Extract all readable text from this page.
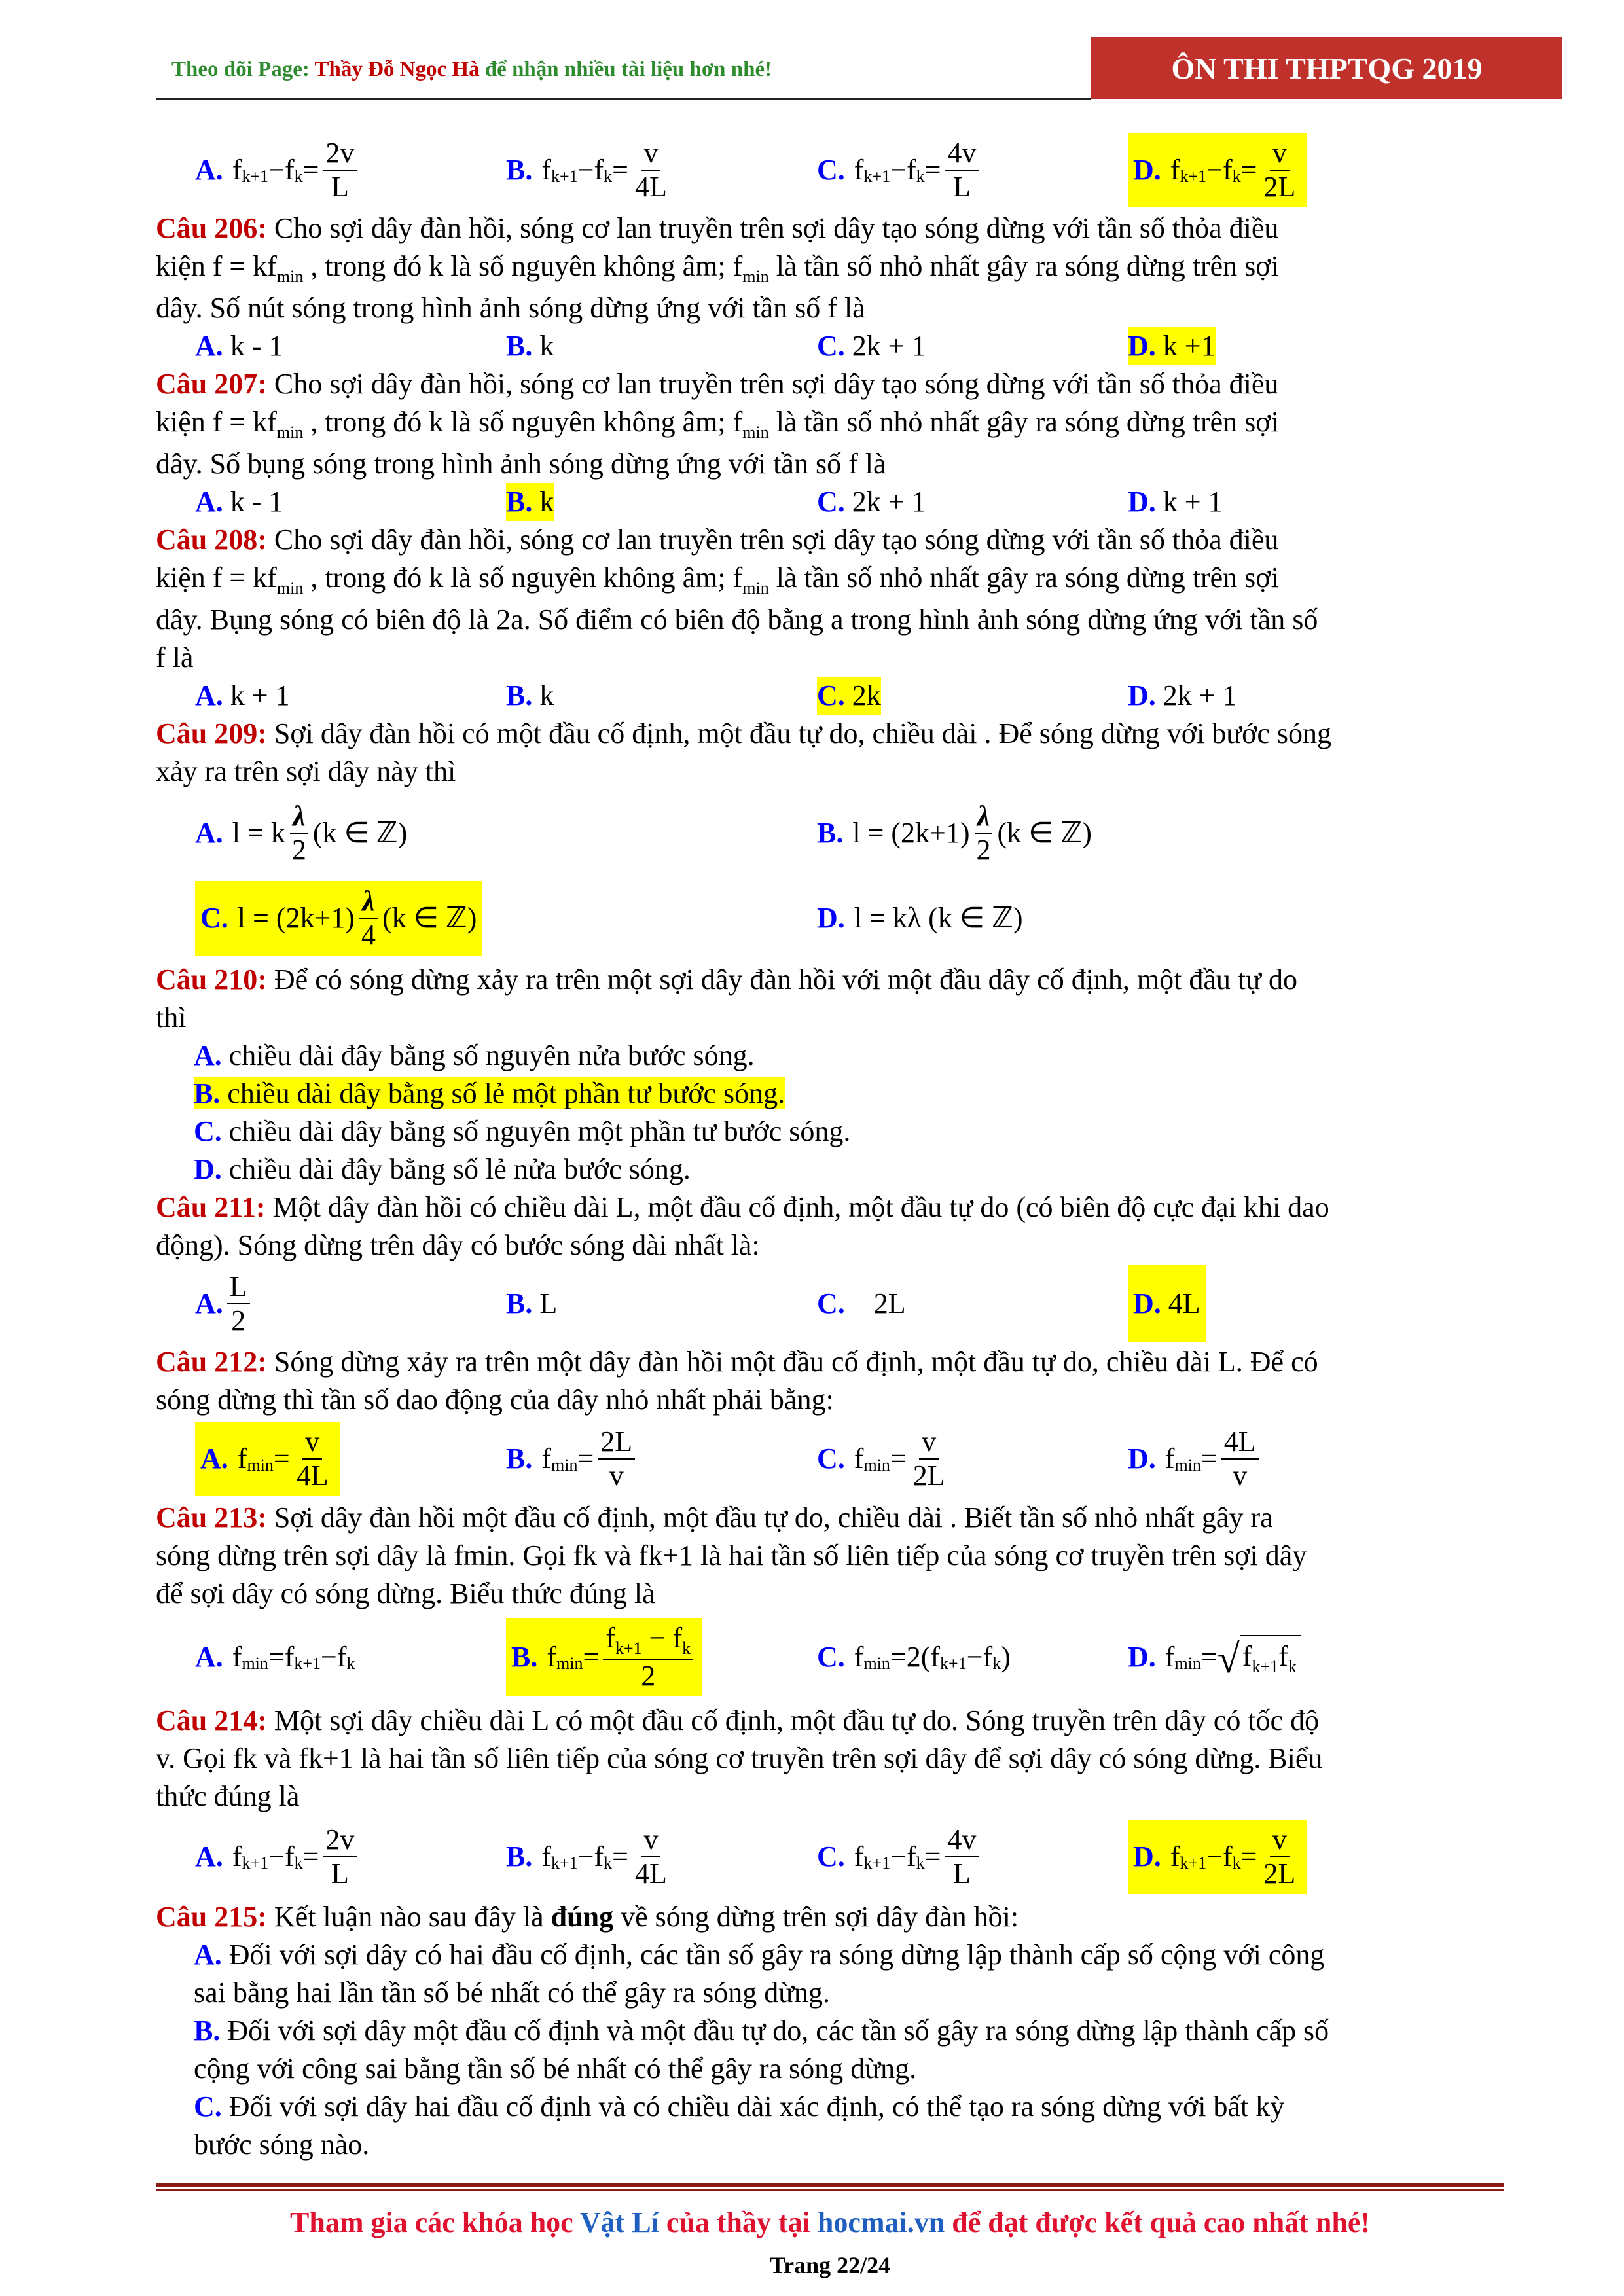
Theo dõi Page: Thầy Đỗ Ngọc Hà để nhận nhiều tài liệu hơn nhé!	ÔN THI THPTQG 2019
A. f k+1 − f $k = \frac{2v}{L}$	B. f k+1 − f $k = \frac{v}{4L}$	C. f k+1 − f $k = \frac{4v}{L}$	D. f k+1 − f $k = \frac{v}{2L}$

Câu 206: Cho sợi dây đàn hồi, sóng cơ lan truyền trên sợi dây tạo sóng dừng với tần số thỏa điều

kiện $f = kf_{min}$ , trong đó k là số nguyên không âm; $f_{min}$ là tần số nhỏ nhất gây ra sóng dừng trên sợi

dây. Số nút sóng trong hình ảnh sóng dừng ứng với tần số f là

A.
k - 1	B.
k	C.
2k + 1	D. k +1

Câu 207: Cho sợi dây đàn hồi, sóng cơ lan truyền trên sợi dây tạo sóng dừng với tần số thỏa điều

kiện $f = kf_{min}$ , trong đó k là số nguyên không âm; $f_{min}$ là tần số nhỏ nhất gây ra sóng dừng trên sợi

dây. Số bụng sóng trong hình ảnh sóng dừng ứng với tần số f là

A.
k - 1	B. k	C.
2k + 1	D.
k + 1

Câu 208: Cho sợi dây đàn hồi, sóng cơ lan truyền trên sợi dây tạo sóng dừng với tần số thỏa điều

kiện $f = kf_{min}$ , trong đó k là số nguyên không âm; $f_{min}$ là tần số nhỏ nhất gây ra sóng dừng trên sợi

dây. Bụng sóng có biên độ là 2a. Số điểm có biên độ bằng a trong hình ảnh sóng dừng ứng với tần số

f là

A.
k + 1	B.
k	C. 2k	D.
2k + 1

Câu 209: Sợi dây đàn hồi có một đầu cố định, một đầu tự do, chiều dài . Để sóng dừng với bước sóng

xảy ra trên sợi dây này thì

A. l = k $\frac{\lambda}{2} (k$ ∈ ℤ)	B. $l = (2k+1) \frac{\lambda}{2} (k$ ∈ ℤ)
C. $l = (2k+1) \frac{\lambda}{4} (k$ ∈ ℤ)	D. l = kλ (k ∈ ℤ)

Câu 210: Để có sóng dừng xảy ra trên một sợi dây đàn hồi với một đầu dây cố định, một đầu tự do

thì

A. chiều dài đây bằng số nguyên nửa bước sóng.

B. chiều dài dây bằng số lẻ một phần tư bước sóng.

C. chiều dài dây bằng số nguyên một phần tư bước sóng.

D. chiều dài đây bằng số lẻ nửa bước sóng.

Câu 211: Một dây đàn hồi có chiều dài L, một đầu cố định, một đầu tự do (có biên độ cực đại khi dao

động). Sóng dừng trên dây có bước sóng dài nhất là:

A. $\frac{L}{2}$	B.
L	C.
2L	D.
4L

Câu 212: Sóng dừng xảy ra trên một dây đàn hồi một đầu cố định, một đầu tự do, chiều dài L. Để có

sóng dừng thì tần số dao động của dây nhỏ nhất phải bằng:

A. f $\min = \frac{v}{4L}$	B. f $\min = \frac{2L}{v}$	C. f $\min = \frac{v}{2L}$	D. f $\min = \frac{4L}{v}$

Câu 213: Sợi dây đàn hồi một đầu cố định, một đầu tự do, chiều dài . Biết tần số nhỏ nhất gây ra

sóng dừng trên sợi dây là fmin. Gọi fk và fk+1 là hai tần số liên tiếp của sóng cơ truyền trên sợi dây

để sợi dây có sóng dừng. Biểu thức đúng là

A. f min = f k+1 − f k	B. f $\min = \frac{f_{k+1} - f_k}{2}$	C. f min = 2( f k+1 − f k )	D. f min = √ $f_{k+1}f_k$

Câu 214: Một sợi dây chiều dài L có một đầu cố định, một đầu tự do. Sóng truyền trên dây có tốc độ

v. Gọi fk và fk+1 là hai tần số liên tiếp của sóng cơ truyền trên sợi dây để sợi dây có sóng dừng. Biểu

thức đúng là

A. f k+1 − f $k = \frac{2v}{L}$	B. f k+1 − f $k = \frac{v}{4L}$	C. f k+1 − f $k = \frac{4v}{L}$	D. f k+1 − f $k = \frac{v}{2L}$

Câu 215: Kết luận nào sau đây là đúng về sóng dừng trên sợi dây đàn hồi:

A. Đối với sợi dây có hai đầu cố định, các tần số gây ra sóng dừng lập thành cấp số cộng với công

sai bằng hai lần tần số bé nhất có thể gây ra sóng dừng.

B. Đối với sợi dây một đầu cố định và một đầu tự do, các tần số gây ra sóng dừng lập thành cấp số

cộng với công sai bằng tần số bé nhất có thể gây ra sóng dừng.

C. Đối với sợi dây hai đầu cố định và có chiều dài xác định, có thể tạo ra sóng dừng với bất kỳ

bước sóng nào.

Tham gia các khóa học Vật Lí của thầy tại hocmai.vn để đạt được kết quả cao nhất nhé!
Trang 22/24
